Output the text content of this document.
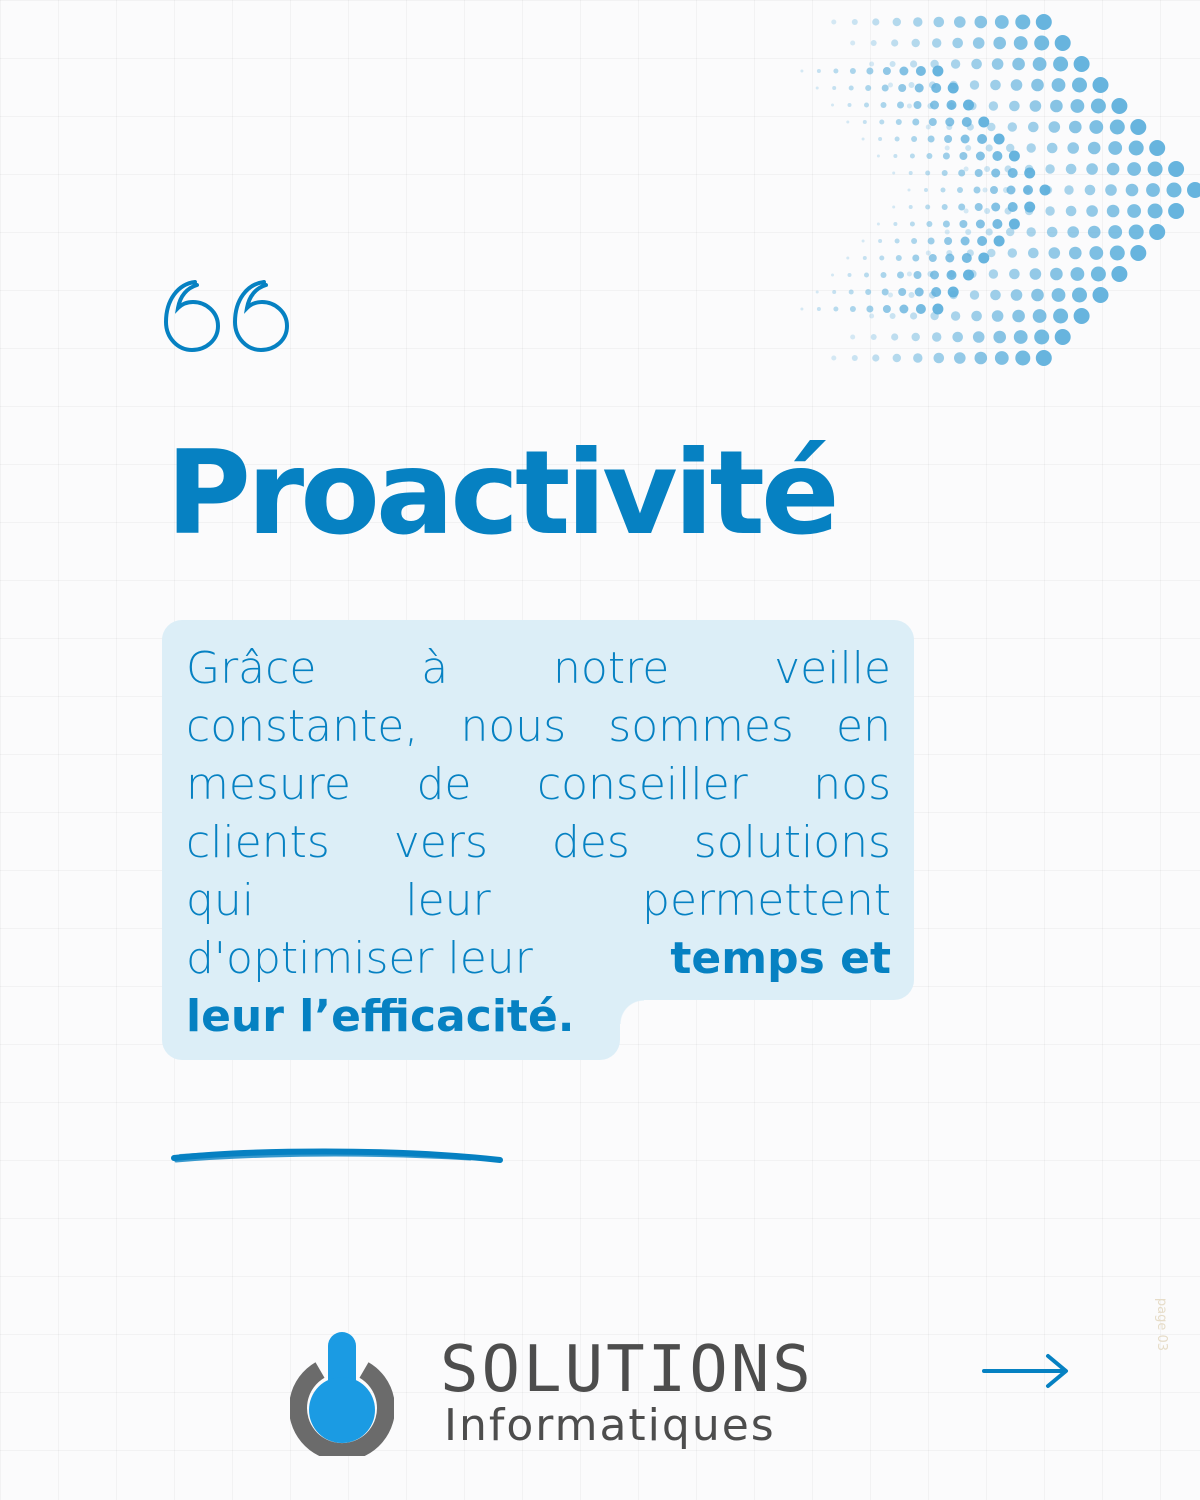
Proactivité
Grâce à notre veille
constante, nous sommes en
mesure de conseiller nos
clients vers des solutions
qui	leur	permettent
d'optimiser leur	temps et
leur l’efficacité.
SOLUTIONS
Informatiques
page 03
